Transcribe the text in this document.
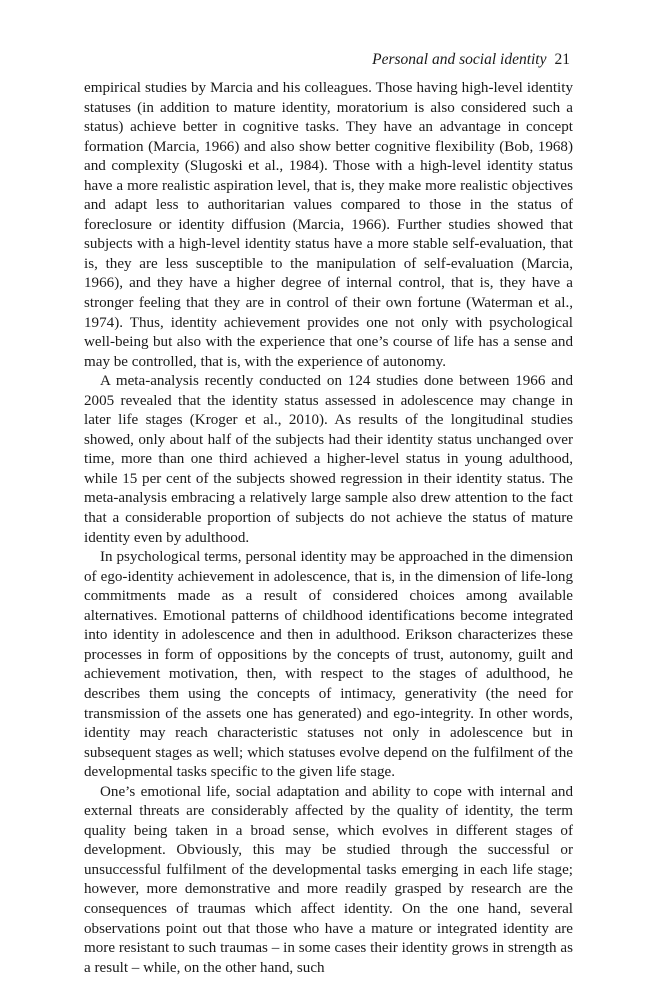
Personal and social identity 21

empirical studies by Marcia and his colleagues. Those having high-level identity statuses (in addition to mature identity, moratorium is also considered such a status) achieve better in cognitive tasks. They have an advantage in concept formation (Marcia, 1966) and also show better cognitive flexibility (Bob, 1968) and complexity (Slugoski et al., 1984). Those with a high-level identity status have a more realistic aspiration level, that is, they make more realistic objectives and adapt less to authoritarian values compared to those in the status of foreclosure or identity diffusion (Marcia, 1966). Further studies showed that subjects with a high-level identity status have a more stable self-evaluation, that is, they are less susceptible to the manipulation of self-evaluation (Marcia, 1966), and they have a higher degree of internal control, that is, they have a stronger feeling that they are in control of their own fortune (Waterman et al., 1974). Thus, identity achievement provides one not only with psychological well-being but also with the experience that one’s course of life has a sense and may be controlled, that is, with the experience of autonomy.

A meta-analysis recently conducted on 124 studies done between 1966 and 2005 revealed that the identity status assessed in adolescence may change in later life stages (Kroger et al., 2010). As results of the longitudinal studies showed, only about half of the subjects had their identity status unchanged over time, more than one third achieved a higher-level status in young adulthood, while 15 per cent of the subjects showed regression in their identity status. The meta-analysis embracing a relatively large sample also drew attention to the fact that a considerable proportion of subjects do not achieve the status of mature identity even by adulthood.

In psychological terms, personal identity may be approached in the dimension of ego-identity achievement in adolescence, that is, in the dimension of life-long commitments made as a result of considered choices among available alternatives. Emotional patterns of childhood identifications become integrated into identity in adolescence and then in adulthood. Erikson characterizes these processes in form of oppositions by the concepts of trust, autonomy, guilt and achievement motivation, then, with respect to the stages of adulthood, he describes them using the concepts of intimacy, generativity (the need for transmission of the assets one has generated) and ego-integrity. In other words, identity may reach characteristic statuses not only in adolescence but in subsequent stages as well; which statuses evolve depend on the fulfilment of the developmental tasks specific to the given life stage.

One’s emotional life, social adaptation and ability to cope with internal and external threats are considerably affected by the quality of identity, the term quality being taken in a broad sense, which evolves in different stages of development. Obviously, this may be studied through the successful or unsuccessful fulfilment of the developmental tasks emerging in each life stage; however, more demonstrative and more readily grasped by research are the consequences of traumas which affect identity. On the one hand, several observations point out that those who have a mature or integrated identity are more resistant to such traumas – in some cases their identity grows in strength as a result – while, on the other hand, such
